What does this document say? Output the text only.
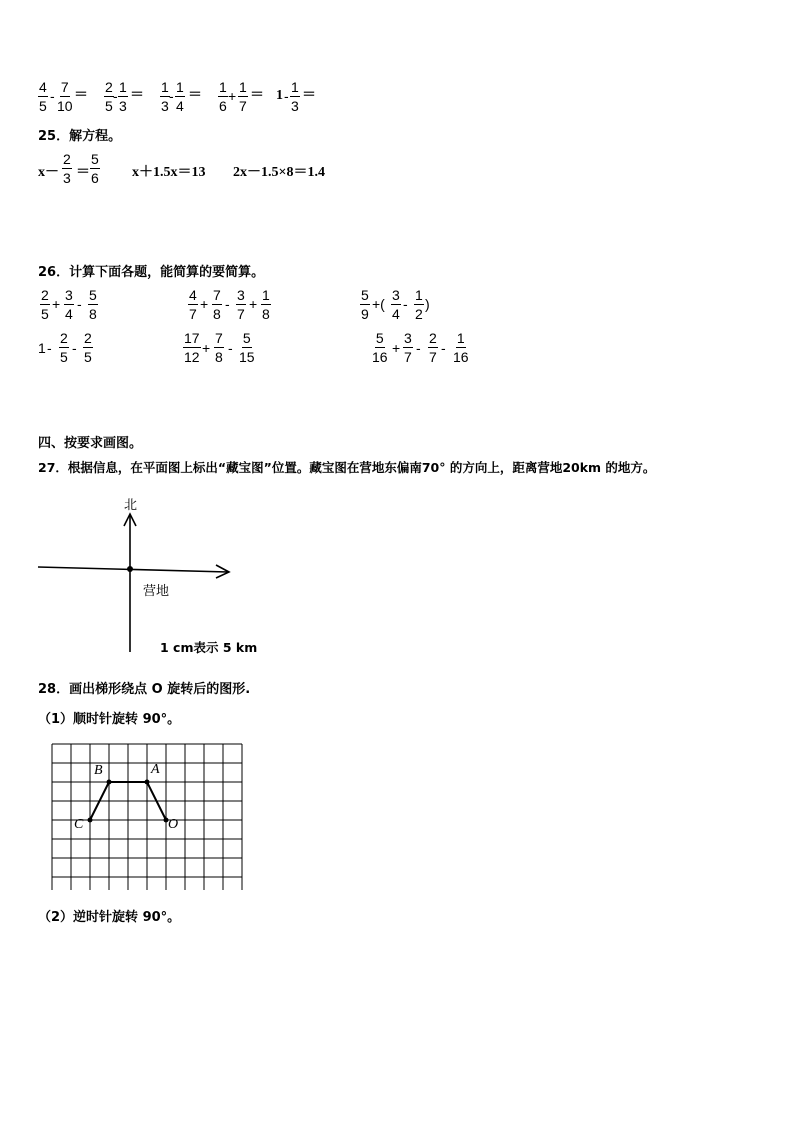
$\frac{4}{5} - \frac{7}{10} = \frac{2}{5} - \frac{1}{3} = \frac{1}{3} - \frac{1}{4} = \frac{1}{6} + \frac{1}{7} = 1 - \frac{1}{3}$ ＝
25．解方程。
$x- \frac{2}{3} = \frac{5}{6} x+1.5x=13$ 2x－1.5×8＝1.4
26．计算下面各题，能简算的要简算。
$\frac{2}{5} + \frac{3}{4} - \frac{5}{8}$	$\frac{4}{7} + \frac{7}{8} - \frac{3}{7} + \frac{1}{8}$	$\frac{5}{9}$ +( $\frac{3}{4} - \frac{1}{2}$ )
$1 - \frac{2}{5} - \frac{2}{5}$	$\frac{17}{12} + \frac{7}{8} - \frac{5}{15}$	$\frac{5}{16} + \frac{3}{7} - \frac{2}{7} - \frac{1}{16}$
四、按要求画图。
27．根据信息，在平面图上标出“藏宝图”位置。藏宝图在营地东偏南70° 的方向上，距离营地20km 的地方。
北
营地
1 cm表示 5 km
28．画出梯形绕点 O 旋转后的图形.
（1）顺时针旋转 90°。
B	A
C	O
（2）逆时针旋转 90°。
